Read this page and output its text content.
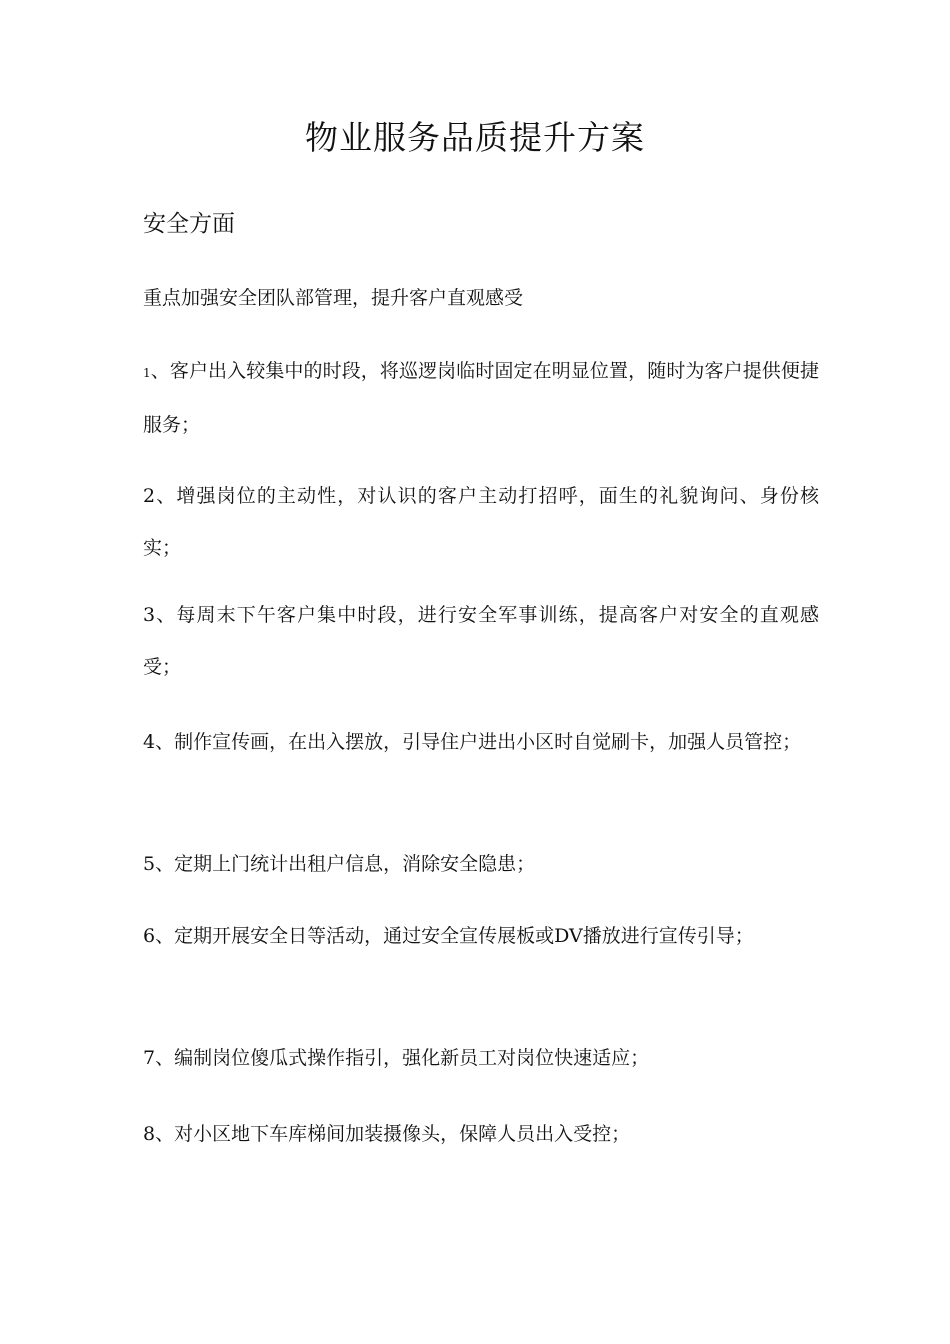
物业服务品质提升方案
安全方面

重点加强安全团队部管理，提升客户直观感受

1、客户出入较集中的时段，将巡逻岗临时固定在明显位置，随时为客户提供便捷服务；

2、增强岗位的主动性，对认识的客户主动打招呼，面生的礼貌询问、身份核实；

3、每周末下午客户集中时段，进行安全军事训练，提高客户对安全的直观感受；

4、制作宣传画，在出入摆放，引导住户进出小区时自觉刷卡，加强人员管控；

5、定期上门统计出租户信息，消除安全隐患；

6、定期开展安全日等活动，通过安全宣传展板或DV播放进行宣传引导；

7、编制岗位傻瓜式操作指引，强化新员工对岗位快速适应；

8、对小区地下车库梯间加装摄像头，保障人员出入受控；
